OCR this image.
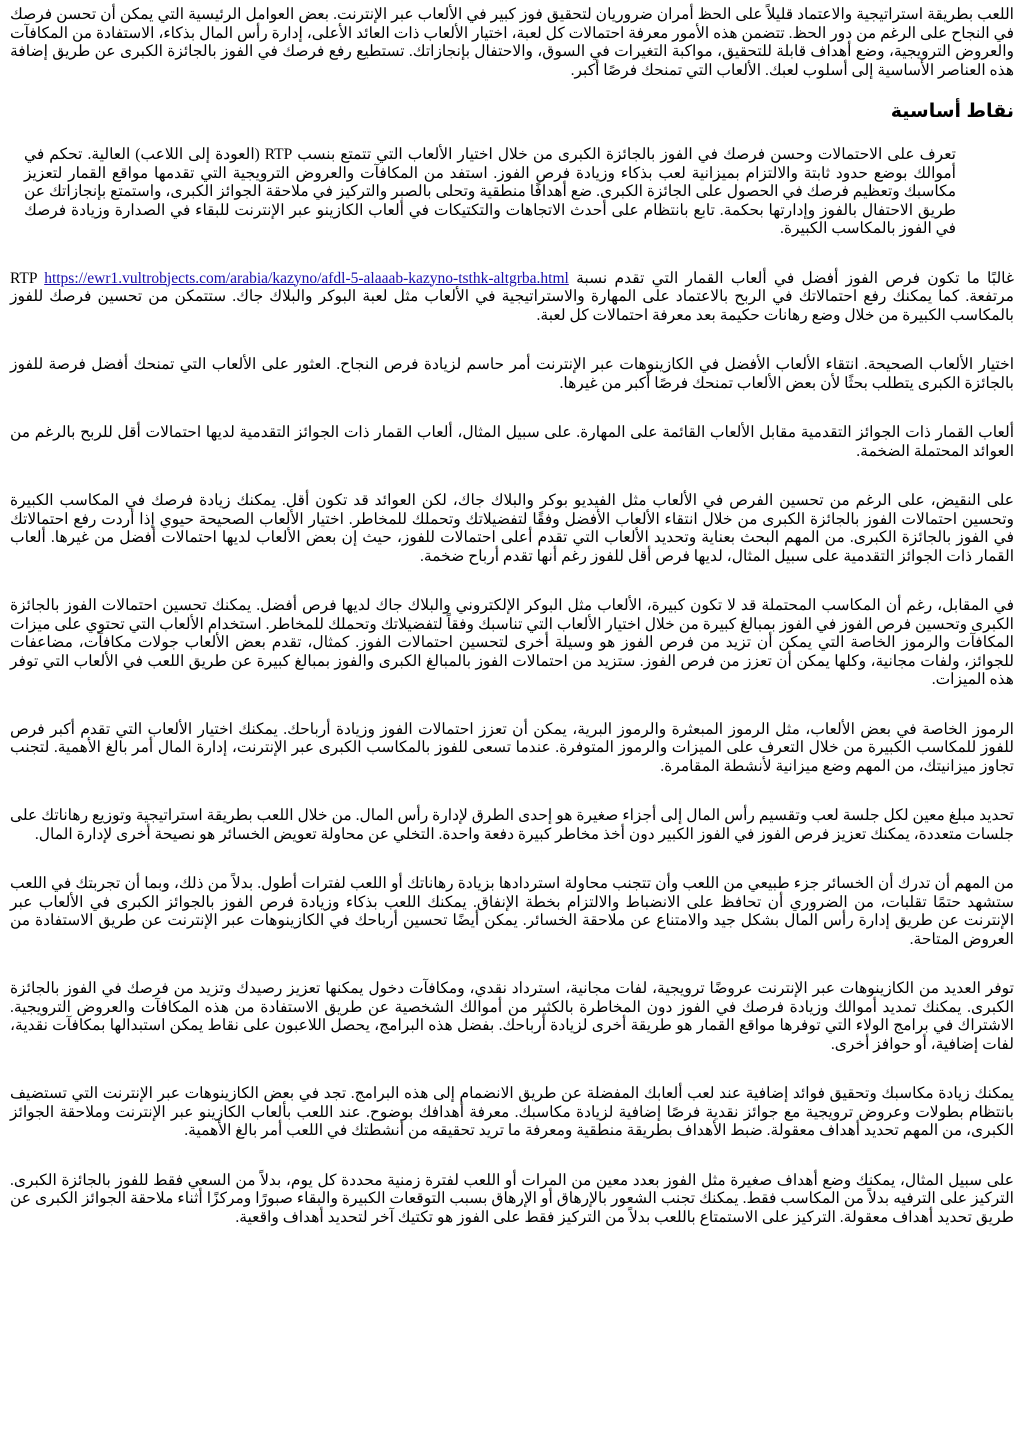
اللعب بطريقة استراتيجية والاعتماد قليلاً على الحظ أمران ضروريان لتحقيق فوز كبير في الألعاب عبر الإنترنت. بعض العوامل الرئيسية التي يمكن أن تحسن فرصك في النجاح على الرغم من دور الحظ. تتضمن هذه الأمور معرفة احتمالات كل لعبة، اختيار الألعاب ذات العائد الأعلى، إدارة رأس المال بذكاء، الاستفادة من المكافآت والعروض الترويجية، وضع أهداف قابلة للتحقيق، مواكبة التغيرات في السوق، والاحتفال بإنجازاتك. تستطيع رفع فرصك في الفوز بالجائزة الكبرى عن طريق إضافة هذه العناصر الأساسية إلى أسلوب لعبك. الألعاب التي تمنحك فرصًا أكبر.

نقاط أساسية

تعرف على الاحتمالات وحسن فرصك في الفوز بالجائزة الكبرى من خلال اختيار الألعاب التي تتمتع بنسب RTP (العودة إلى اللاعب) العالية. تحكم في أموالك بوضع حدود ثابتة والالتزام بميزانية لعب بذكاء وزيادة فرص الفوز. استفد من المكافآت والعروض الترويجية التي تقدمها مواقع القمار لتعزيز مكاسبك وتعظيم فرصك في الحصول على الجائزة الكبرى. ضع أهدافًا منطقية وتحلى بالصبر والتركيز في ملاحقة الجوائز الكبرى، واستمتع بإنجازاتك عن طريق الاحتفال بالفوز وإدارتها بحكمة. تابع بانتظام على أحدث الاتجاهات والتكتيكات في ألعاب الكازينو عبر الإنترنت للبقاء في الصدارة وزيادة فرصك في الفوز بالمكاسب الكبيرة.

غالبًا ما تكون فرص الفوز أفضل في ألعاب القمار التي تقدم نسبة RTP https://ewr1.vultrobjects.com/arabia/kazyno/afdl-5-alaaab-kazyno-tsthk-altgrba.html مرتفعة. كما يمكنك رفع احتمالاتك في الربح بالاعتماد على المهارة والاستراتيجية في الألعاب مثل لعبة البوكر والبلاك جاك. ستتمكن من تحسين فرصك للفوز بالمكاسب الكبيرة من خلال وضع رهانات حكيمة بعد معرفة احتمالات كل لعبة.

اختيار الألعاب الصحيحة. انتقاء الألعاب الأفضل في الكازينوهات عبر الإنترنت أمر حاسم لزيادة فرص النجاح. العثور على الألعاب التي تمنحك أفضل فرصة للفوز بالجائزة الكبرى يتطلب بحثًا لأن بعض الألعاب تمنحك فرصًا أكبر من غيرها.

ألعاب القمار ذات الجوائز التقدمية مقابل الألعاب القائمة على المهارة. على سبيل المثال، ألعاب القمار ذات الجوائز التقدمية لديها احتمالات أقل للربح بالرغم من العوائد المحتملة الضخمة.

على النقيض، على الرغم من تحسين الفرص في الألعاب مثل الفيديو بوكر والبلاك جاك، لكن العوائد قد تكون أقل. يمكنك زيادة فرصك في المكاسب الكبيرة وتحسين احتمالات الفوز بالجائزة الكبرى من خلال انتقاء الألعاب الأفضل وفقًا لتفضيلاتك وتحملك للمخاطر. اختيار الألعاب الصحيحة حيوي إذا أردت رفع احتمالاتك في الفوز بالجائزة الكبرى. من المهم البحث بعناية وتحديد الألعاب التي تقدم أعلى احتمالات للفوز، حيث إن بعض الألعاب لديها احتمالات أفضل من غيرها. ألعاب القمار ذات الجوائز التقدمية على سبيل المثال، لديها فرص أقل للفوز رغم أنها تقدم أرباح ضخمة.

في المقابل، رغم أن المكاسب المحتملة قد لا تكون كبيرة، الألعاب مثل البوكر الإلكتروني والبلاك جاك لديها فرص أفضل. يمكنك تحسين احتمالات الفوز بالجائزة الكبرى وتحسين فرص الفوز في الفوز بمبالغ كبيرة من خلال اختيار الألعاب التي تناسبك وفقاً لتفضيلاتك وتحملك للمخاطر. استخدام الألعاب التي تحتوي على ميزات المكافآت والرموز الخاصة التي يمكن أن تزيد من فرص الفوز هو وسيلة أخرى لتحسين احتمالات الفوز. كمثال، تقدم بعض الألعاب جولات مكافآت، مضاعفات للجوائز، ولفات مجانية، وكلها يمكن أن تعزز من فرص الفوز. ستزيد من احتمالات الفوز بالمبالغ الكبرى والفوز بمبالغ كبيرة عن طريق اللعب في الألعاب التي توفر هذه الميزات.

الرموز الخاصة في بعض الألعاب، مثل الرموز المبعثرة والرموز البرية، يمكن أن تعزز احتمالات الفوز وزيادة أرباحك. يمكنك اختيار الألعاب التي تقدم أكبر فرص للفوز للمكاسب الكبيرة من خلال التعرف على الميزات والرموز المتوفرة. عندما تسعى للفوز بالمكاسب الكبرى عبر الإنترنت، إدارة المال أمر بالغ الأهمية. لتجنب تجاوز ميزانيتك، من المهم وضع ميزانية لأنشطة المقامرة.

تحديد مبلغ معين لكل جلسة لعب وتقسيم رأس المال إلى أجزاء صغيرة هو إحدى الطرق لإدارة رأس المال. من خلال اللعب بطريقة استراتيجية وتوزيع رهاناتك على جلسات متعددة، يمكنك تعزيز فرص الفوز في الفوز الكبير دون أخذ مخاطر كبيرة دفعة واحدة. التخلي عن محاولة تعويض الخسائر هو نصيحة أخرى لإدارة المال.

من المهم أن تدرك أن الخسائر جزء طبيعي من اللعب وأن تتجنب محاولة استردادها بزيادة رهاناتك أو اللعب لفترات أطول. بدلاً من ذلك، وبما أن تجربتك في اللعب ستشهد حتمًا تقلبات، من الضروري أن تحافظ على الانضباط والالتزام بخطة الإنفاق. يمكنك اللعب بذكاء وزيادة فرص الفوز بالجوائز الكبرى في الألعاب عبر الإنترنت عن طريق إدارة رأس المال بشكل جيد والامتناع عن ملاحقة الخسائر. يمكن أيضًا تحسين أرباحك في الكازينوهات عبر الإنترنت عن طريق الاستفادة من العروض المتاحة.

توفر العديد من الكازينوهات عبر الإنترنت عروضًا ترويجية، لفات مجانية، استرداد نقدي، ومكافآت دخول يمكنها تعزيز رصيدك وتزيد من فرصك في الفوز بالجائزة الكبرى. يمكنك تمديد أموالك وزيادة فرصك في الفوز دون المخاطرة بالكثير من أموالك الشخصية عن طريق الاستفادة من هذه المكافآت والعروض الترويجية. الاشتراك في برامج الولاء التي توفرها مواقع القمار هو طريقة أخرى لزيادة أرباحك. بفضل هذه البرامج، يحصل اللاعبون على نقاط يمكن استبدالها بمكافآت نقدية، لفات إضافية، أو حوافز أخرى.

يمكنك زيادة مكاسبك وتحقيق فوائد إضافية عند لعب ألعابك المفضلة عن طريق الانضمام إلى هذه البرامج. تجد في بعض الكازينوهات عبر الإنترنت التي تستضيف بانتظام بطولات وعروض ترويجية مع جوائز نقدية فرصًا إضافية لزيادة مكاسبك. معرفة أهدافك بوضوح. عند اللعب بألعاب الكازينو عبر الإنترنت وملاحقة الجوائز الكبرى، من المهم تحديد أهداف معقولة. ضبط الأهداف بطريقة منطقية ومعرفة ما تريد تحقيقه من أنشطتك في اللعب أمر بالغ الأهمية.

على سبيل المثال، يمكنك وضع أهداف صغيرة مثل الفوز بعدد معين من المرات أو اللعب لفترة زمنية محددة كل يوم، بدلاً من السعي فقط للفوز بالجائزة الكبرى. التركيز على الترفيه بدلاً من المكاسب فقط. يمكنك تجنب الشعور بالإرهاق أو الإرهاق بسبب التوقعات الكبيرة والبقاء صبورًا ومركزًا أثناء ملاحقة الجوائز الكبرى عن طريق تحديد أهداف معقولة. التركيز على الاستمتاع باللعب بدلاً من التركيز فقط على الفوز هو تكتيك آخر لتحديد أهداف واقعية.
